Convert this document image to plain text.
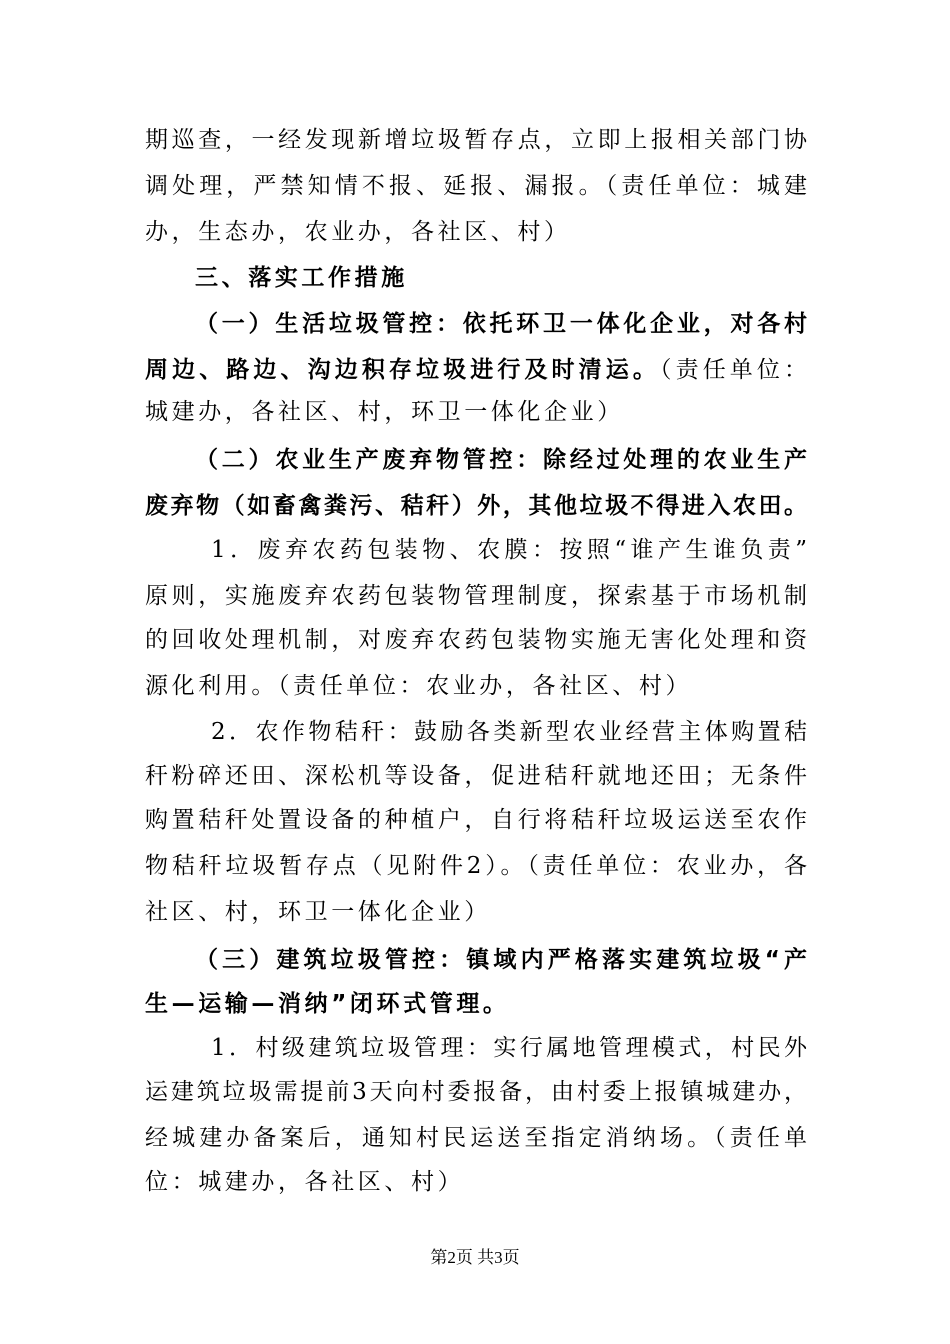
期巡查，一经发现新增垃圾暂存点，立即上报相关部门协
调处理，严禁知情不报、延报、漏报。（责任单位：城建
办，生态办，农业办，各社区、村）
三、落实工作措施
（一）生活垃圾管控：依托环卫一体化企业，对各村
周边、路边、沟边积存垃圾进行及时清运。（责任单位：
城建办，各社区、村，环卫一体化企业）
（二）农业生产废弃物管控：除经过处理的农业生产
废弃物（如畜禽粪污、秸秆）外，其他垃圾不得进入农田。
1．废弃农药包装物、农膜：按照“谁产生谁负责”
原则，实施废弃农药包装物管理制度，探索基于市场机制
的回收处理机制，对废弃农药包装物实施无害化处理和资
源化利用。（责任单位：农业办，各社区、村）
2．农作物秸秆：鼓励各类新型农业经营主体购置秸
秆粉碎还田、深松机等设备，促进秸秆就地还田；无条件
购置秸秆处置设备的种植户，自行将秸秆垃圾运送至农作
物秸秆垃圾暂存点（见附件2）。（责任单位：农业办，各
社区、村，环卫一体化企业）
（三）建筑垃圾管控：镇域内严格落实建筑垃圾“产
生—运输—消纳”闭环式管理。
1．村级建筑垃圾管理：实行属地管理模式，村民外
运建筑垃圾需提前3天向村委报备，由村委上报镇城建办，
经城建办备案后，通知村民运送至指定消纳场。（责任单
位：城建办，各社区、村）
第2页 共3页
